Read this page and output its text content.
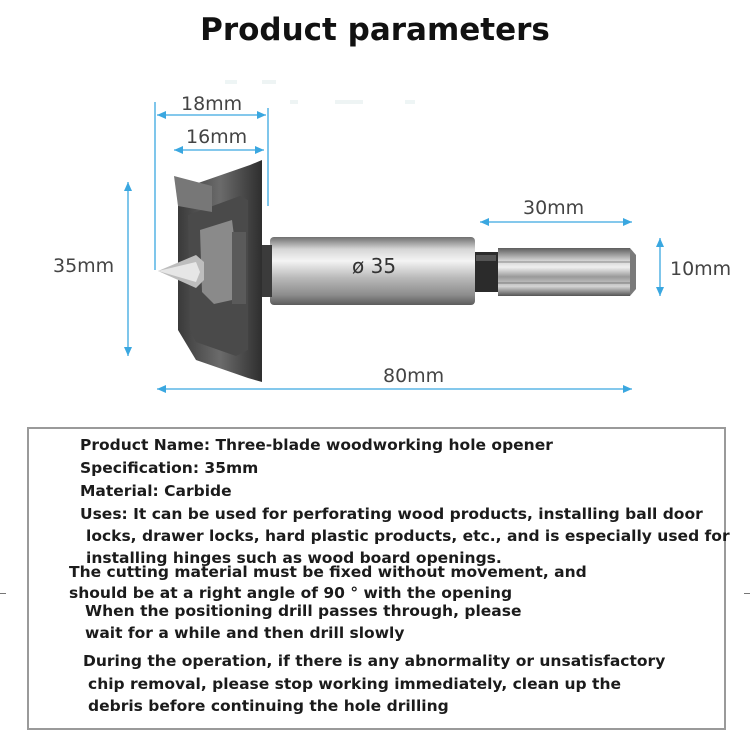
Product parameters
ø 35
18mm
16mm
30mm
35mm	10mm
80mm
Product Name: Three-blade woodworking hole opener
Specification: 35mm
Material: Carbide
Uses: It can be used for perforating wood products, installing ball door
locks, drawer locks, hard plastic products, etc., and is especially used for
installing hinges such as wood board openings.
The cutting material must be fixed without movement, and
should be at a right angle of 90 ° with the opening
When the positioning drill passes through, please
wait for a while and then drill slowly
During the operation, if there is any abnormality or unsatisfactory
chip removal, please stop working immediately, clean up the
debris before continuing the hole drilling
